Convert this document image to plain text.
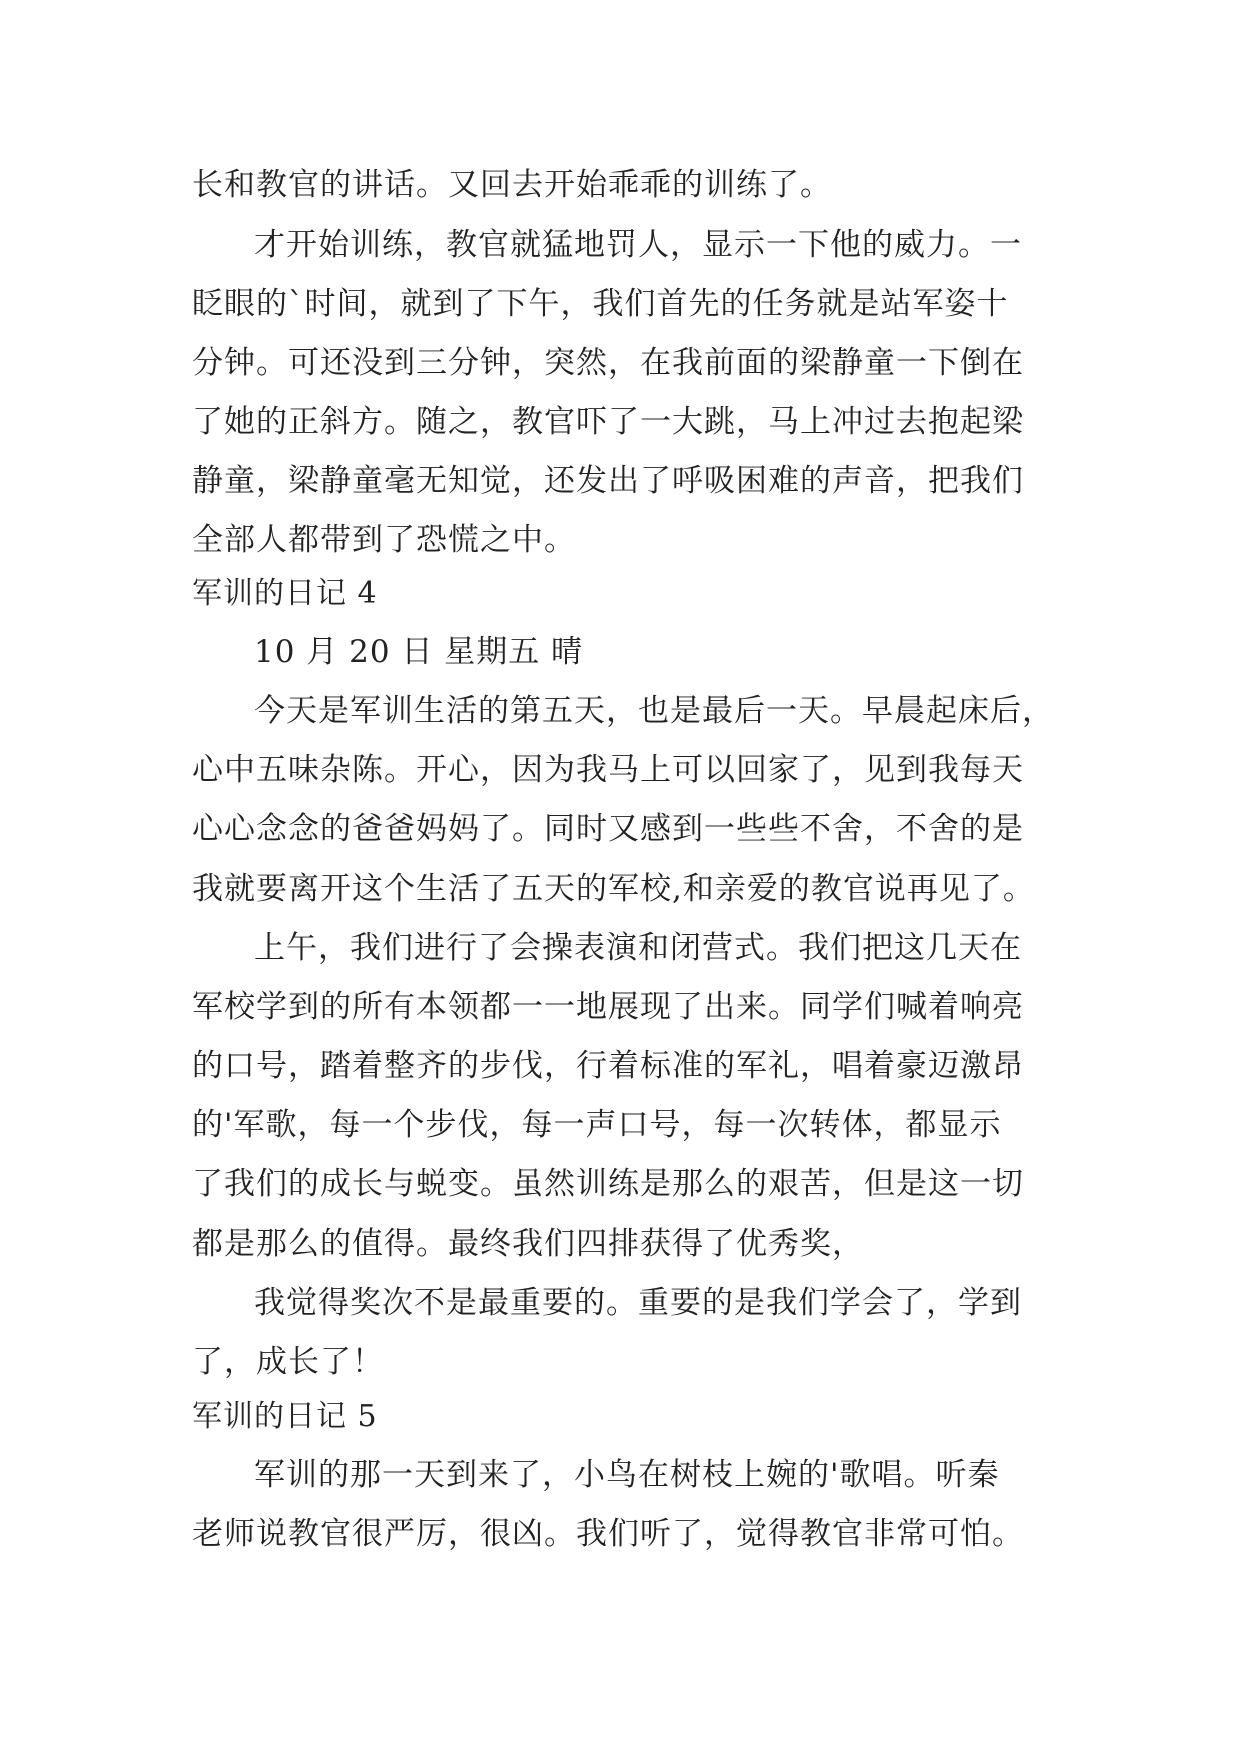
长和教官的讲话。又回去开始乖乖的训练了。
才开始训练，教官就猛地罚人，显示一下他的威力。一
眨眼的`时间，就到了下午，我们首先的任务就是站军姿十
分钟。可还没到三分钟，突然，在我前面的梁静童一下倒在
了她的正斜方。随之，教官吓了一大跳，马上冲过去抱起梁
静童，梁静童毫无知觉，还发出了呼吸困难的声音，把我们
全部人都带到了恐慌之中。
军训的日记 4
10 月 20 日 星期五 晴
今天是军训生活的第五天，也是最后一天。早晨起床后，
心中五味杂陈。开心，因为我马上可以回家了，见到我每天
心心念念的爸爸妈妈了。同时又感到一些些不舍，不舍的是
我就要离开这个生活了五天的军校,和亲爱的教官说再见了。
上午，我们进行了会操表演和闭营式。我们把这几天在
军校学到的所有本领都一一地展现了出来。同学们喊着响亮
的口号，踏着整齐的步伐，行着标准的军礼，唱着豪迈激昂
的'军歌，每一个步伐，每一声口号，每一次转体，都显示
了我们的成长与蜕变。虽然训练是那么的艰苦，但是这一切
都是那么的值得。最终我们四排获得了优秀奖，
我觉得奖次不是最重要的。重要的是我们学会了，学到
了，成长了！
军训的日记 5
军训的那一天到来了，小鸟在树枝上婉的'歌唱。听秦
老师说教官很严厉，很凶。我们听了，觉得教官非常可怕。
